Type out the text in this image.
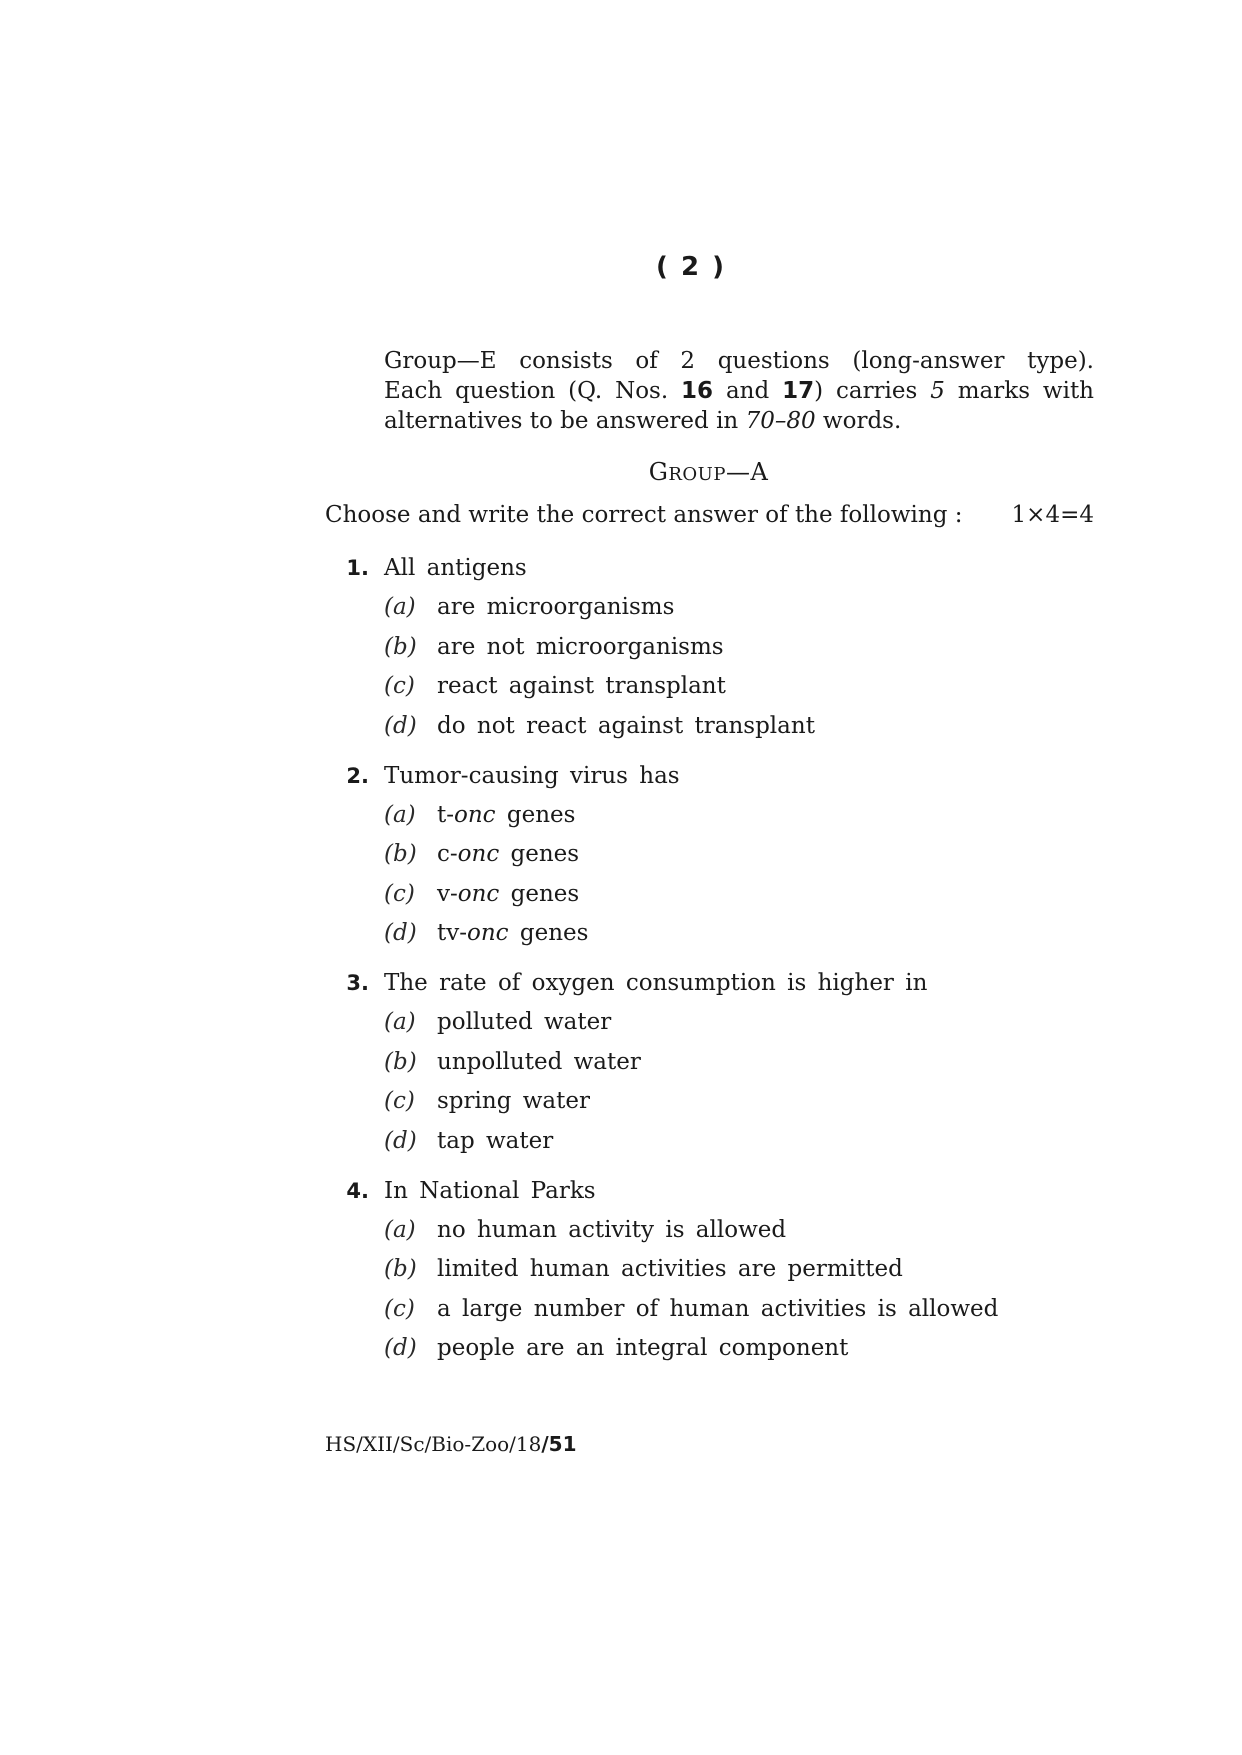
( 2 )
Group—E consists of 2 questions (long-answer type).
Each question (Q. Nos. 16 and 17) carries 5 marks with
alternatives to be answered in 70–80 words.
GROUP—A
Choose and write the correct answer of the following : 1×4=4
1. All antigens
(a) are microorganisms
(b) are not microorganisms
(c) react against transplant
(d) do not react against transplant
2. Tumor-causing virus has
(a) t-onc genes
(b) c-onc genes
(c) v-onc genes
(d) tv-onc genes
3. The rate of oxygen consumption is higher in
(a) polluted water
(b) unpolluted water
(c) spring water
(d) tap water
4. In National Parks
(a) no human activity is allowed
(b) limited human activities are permitted
(c) a large number of human activities is allowed
(d) people are an integral component
HS/XII/Sc/Bio-Zoo/18/51
